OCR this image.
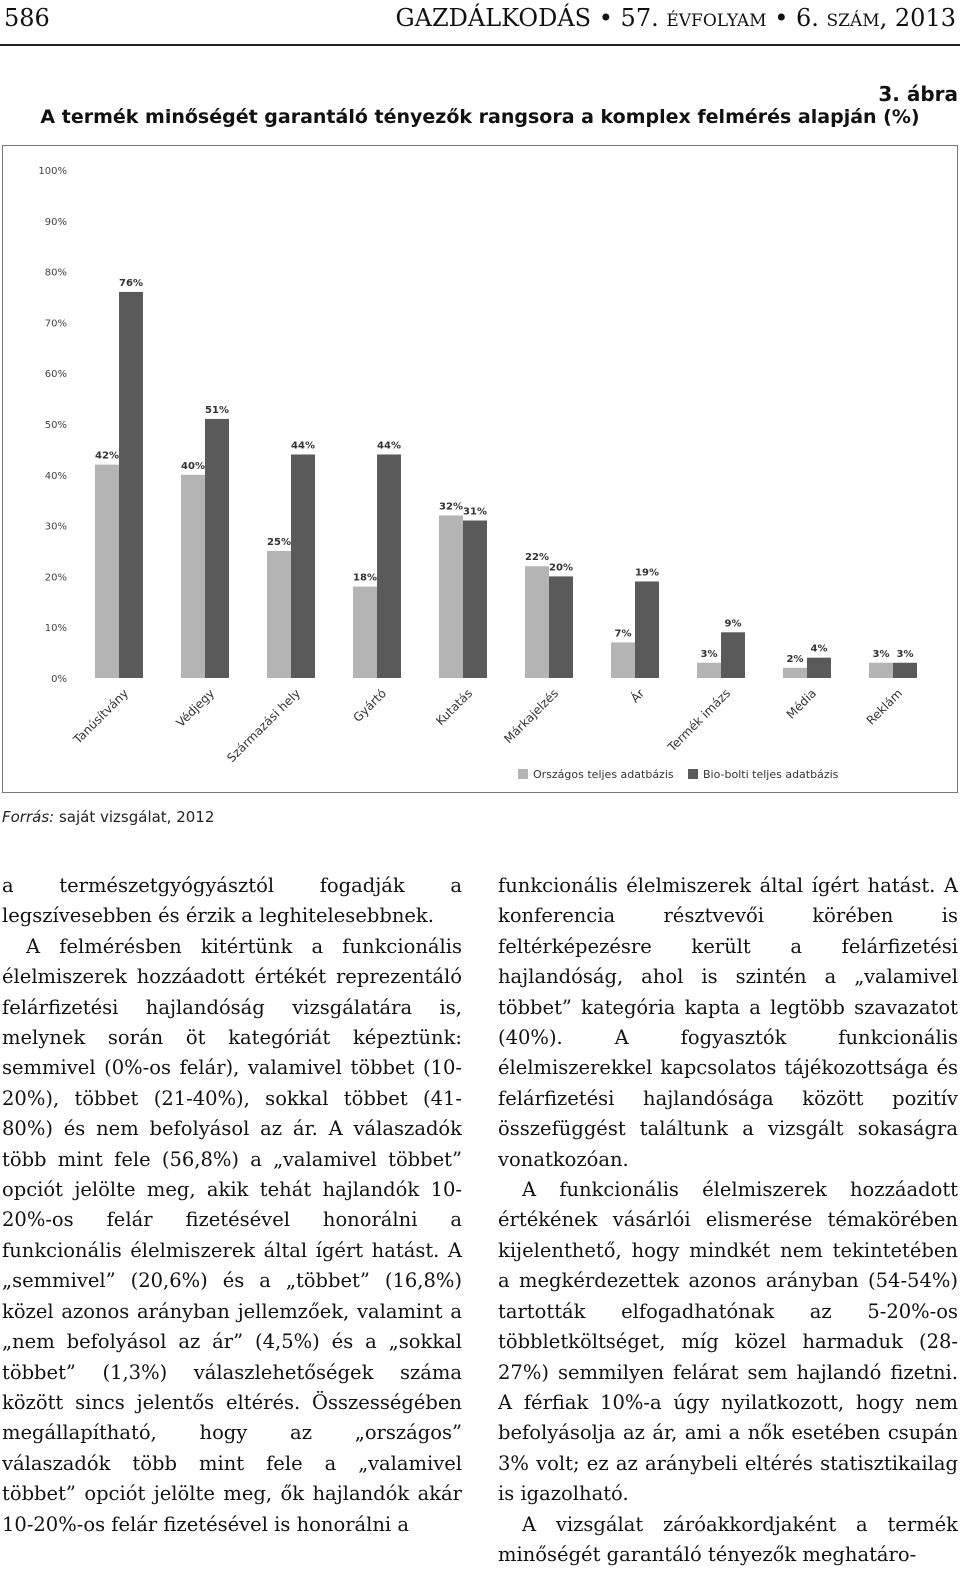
586	GAZDÁLKODÁS • 57. évfolyam • 6. szám, 2013
3. ábra
A termék minőségét garantáló tényezők rangsora a komplex felmérés alapján (%)
0%
10%
20%
30%
40%
50%
60%
70%
80%
90%
100%
42%
76%
Tanúsítvány
40%
51%
Védjegy
25%
44%
Származási hely
18%
44%
Gyártó
32% 31%
Kutatás
22%
20%
Márkajelzés
7%
19%
Ár
3%
9%
Termék imázs
2%
4%
Média
3% 3%
Reklám
Országos teljes adatbázis	Bio-bolti teljes adatbázis
Forrás: saját vizsgálat, 2012

a természetgyógyásztól fogadják a legszívesebben és érzik a leghitelesebbnek.

A felmérésben kitértünk a funkcionális élelmiszerek hozzáadott értékét reprezentáló felárfizetési hajlandóság vizsgálatára is, melynek során öt kategóriát képeztünk: semmivel (0%-os felár), valamivel többet (10-20%), többet (21-40%), sokkal többet (41-80%) és nem befolyásol az ár. A válaszadók több mint fele (56,8%) a „valamivel többet” opciót jelölte meg, akik tehát hajlandók 10-20%-os felár fizetésével honorálni a funkcionális élelmiszerek által ígért hatást. A „semmivel” (20,6%) és a „többet” (16,8%) közel azonos arányban jellemzőek, valamint a „nem befolyásol az ár” (4,5%) és a „sokkal többet” (1,3%) válaszlehetőségek száma között sincs jelentős eltérés. Összességében megállapítható, hogy az „országos” válaszadók több mint fele a „valamivel többet” opciót jelölte meg, ők hajlandók akár 10-20%-os felár fizetésével is honorálni a

funkcionális élelmiszerek által ígért hatást. A konferencia résztvevői körében is feltérképezésre került a felárfizetési hajlandóság, ahol is szintén a „valamivel többet” kategória kapta a legtöbb szavazatot (40%). A fogyasztók funkcionális élelmiszerekkel kapcsolatos tájékozottsága és felárfizetési hajlandósága között pozitív összefüggést találtunk a vizsgált sokaságra vonatkozóan.

A funkcionális élelmiszerek hozzáadott értékének vásárlói elismerése témakörében kijelenthető, hogy mindkét nem tekintetében a megkérdezettek azonos arányban (54-54%) tartották elfogadhatónak az 5-20%-os többletköltséget, míg közel harmaduk (28-27%) semmilyen felárat sem hajlandó fizetni. A férfiak 10%-a úgy nyilatkozott, hogy nem befolyásolja az ár, ami a nők esetében csupán 3% volt; ez az aránybeli eltérés statisztikailag is igazolható.

A vizsgálat záróakkordjaként a termék minőségét garantáló tényezők meghatáro-
